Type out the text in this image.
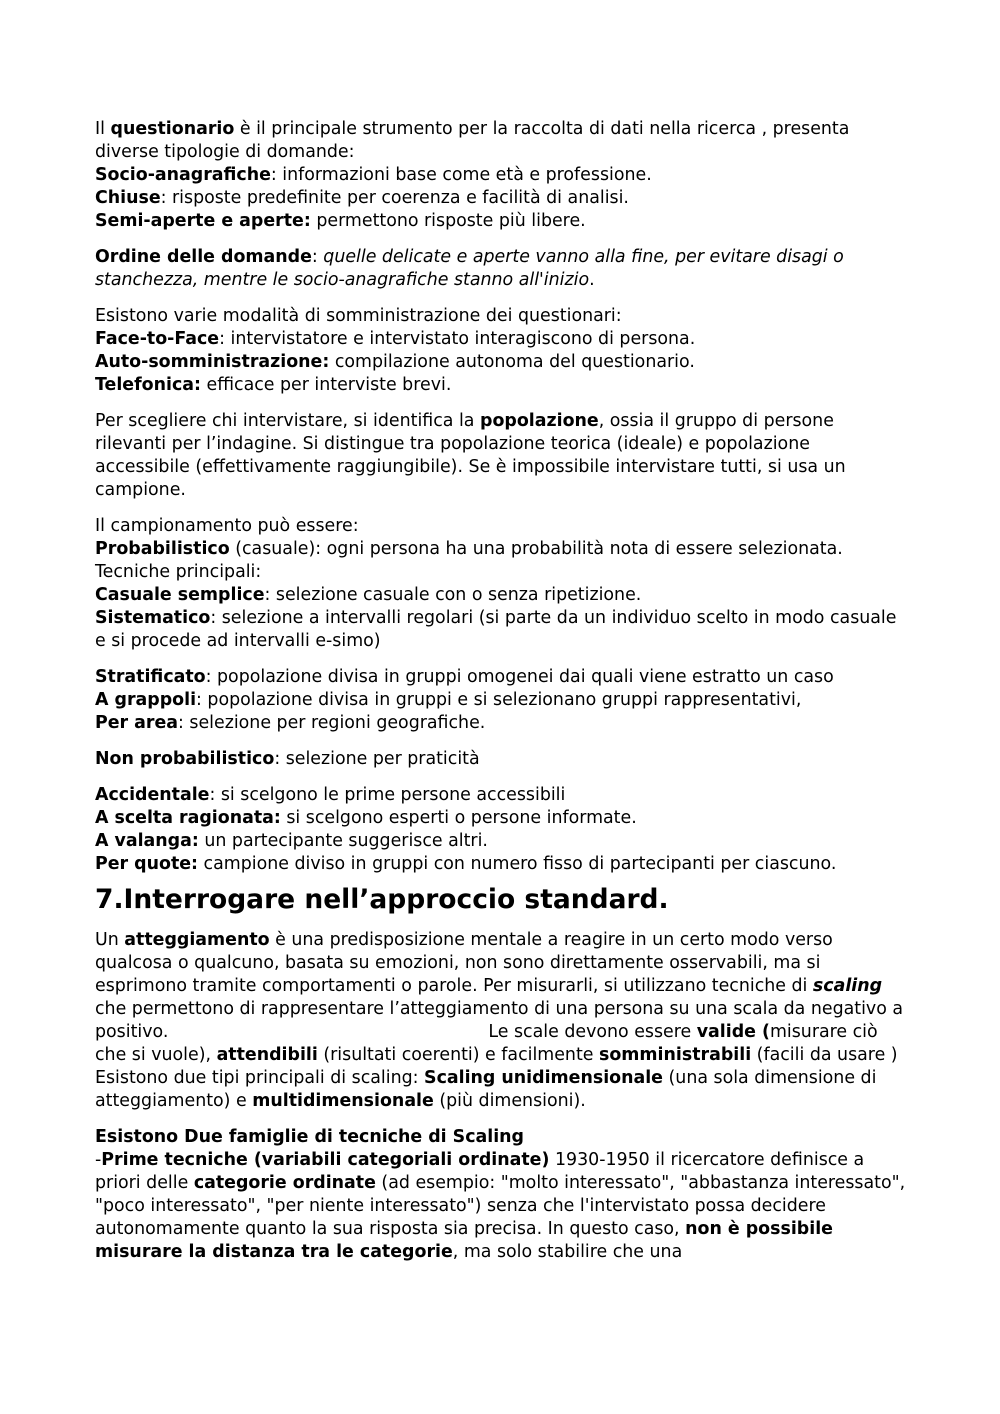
Il questionario è il principale strumento per la raccolta di dati nella ricerca , presenta diverse tipologie di domande:
Socio-anagrafiche: informazioni base come età e professione.
Chiuse: risposte predefinite per coerenza e facilità di analisi.
Semi-aperte e aperte: permettono risposte più libere.

Ordine delle domande: quelle delicate e aperte vanno alla fine, per evitare disagi o stanchezza, mentre le socio-anagrafiche stanno all'inizio.

Esistono varie modalità di somministrazione dei questionari:
Face-to-Face: intervistatore e intervistato interagiscono di persona.
Auto-somministrazione: compilazione autonoma del questionario.
Telefonica: efficace per interviste brevi.

Per scegliere chi intervistare, si identifica la popolazione, ossia il gruppo di persone rilevanti per l’indagine. Si distingue tra popolazione teorica (ideale) e popolazione accessibile (effettivamente raggiungibile). Se è impossibile intervistare tutti, si usa un campione.

Il campionamento può essere:
Probabilistico (casuale): ogni persona ha una probabilità nota di essere selezionata.
Tecniche principali:
Casuale semplice: selezione casuale con o senza ripetizione.
Sistematico: selezione a intervalli regolari (si parte da un individuo scelto in modo casuale e si procede ad intervalli e-simo)

Stratificato: popolazione divisa in gruppi omogenei dai quali viene estratto un caso
A grappoli: popolazione divisa in gruppi e si selezionano gruppi rappresentativi,
Per area: selezione per regioni geografiche.

Non probabilistico: selezione per praticità

Accidentale: si scelgono le prime persone accessibili
A scelta ragionata: si scelgono esperti o persone informate.
A valanga: un partecipante suggerisce altri.
Per quote: campione diviso in gruppi con numero fisso di partecipanti per ciascuno.

7.Interrogare nell’approccio standard.

Un atteggiamento è una predisposizione mentale a reagire in un certo modo verso qualcosa o qualcuno, basata su emozioni, non sono direttamente osservabili, ma si esprimono tramite comportamenti o parole. Per misurarli, si utilizzano tecniche di scaling che permettono di rappresentare l’atteggiamento di una persona su una scala da negativo a positivo.	Le scale devono essere valide (misurare ciò che si vuole), attendibili (risultati coerenti) e facilmente somministrabili (facili da usare ) Esistono due tipi principali di scaling: Scaling unidimensionale (una sola dimensione di atteggiamento) e multidimensionale (più dimensioni).

Esistono Due famiglie di tecniche di Scaling
-Prime tecniche (variabili categoriali ordinate) 1930-1950 il ricercatore definisce a priori delle categorie ordinate (ad esempio: "molto interessato", "abbastanza interessato", "poco interessato", "per niente interessato") senza che l'intervistato possa decidere autonomamente quanto la sua risposta sia precisa. In questo caso, non è possibile misurare la distanza tra le categorie, ma solo stabilire che una
